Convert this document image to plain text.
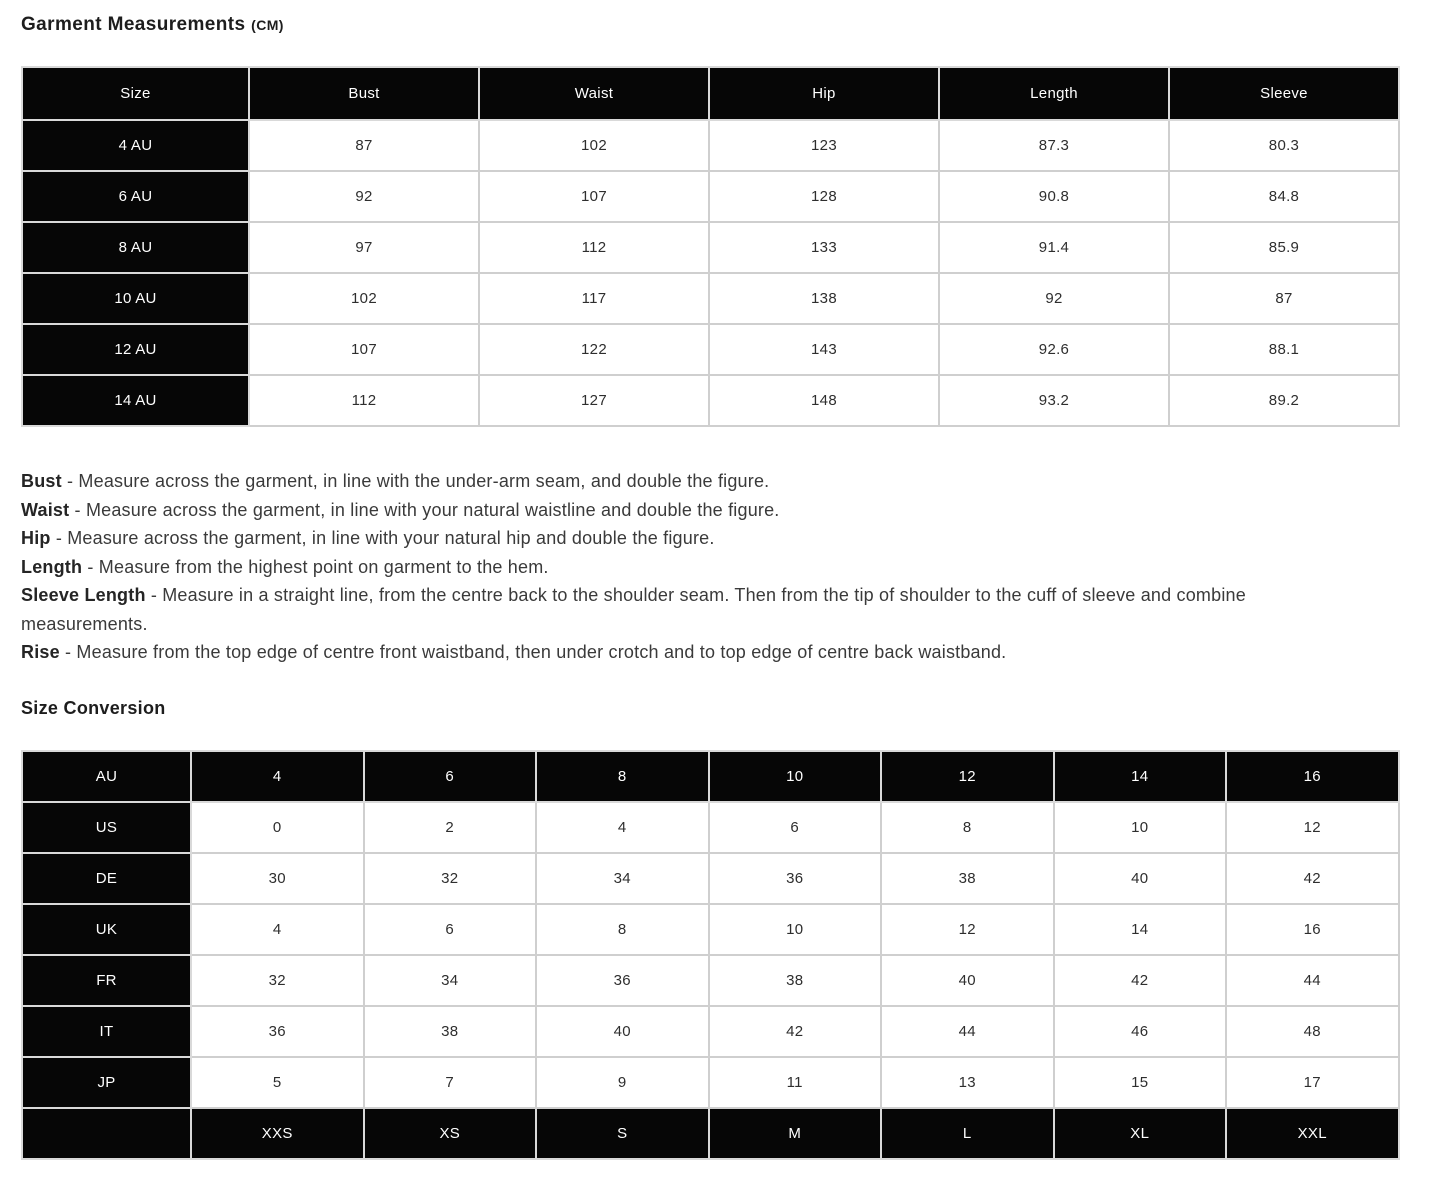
Garment Measurements (CM)
Size	Bust	Waist	Hip	Length	Sleeve
4 AU	87	102	123	87.3	80.3
6 AU	92	107	128	90.8	84.8
8 AU	97	112	133	91.4	85.9
10 AU	102	117	138	92	87
12 AU	107	122	143	92.6	88.1
14 AU	112	127	148	93.2	89.2

Bust - Measure across the garment, in line with the under-arm seam, and double the figure.

Waist - Measure across the garment, in line with your natural waistline and double the figure.

Hip - Measure across the garment, in line with your natural hip and double the figure.

Length - Measure from the highest point on garment to the hem.

Sleeve Length - Measure in a straight line, from the centre back to the shoulder seam. Then from the tip of shoulder to the cuff of sleeve and combine measurements.

Rise - Measure from the top edge of centre front waistband, then under crotch and to top edge of centre back waistband.

Size Conversion
AU	4	6	8	10	12	14	16
US	0	2	4	6	8	10	12
DE	30	32	34	36	38	40	42
UK	4	6	8	10	12	14	16
FR	32	34	36	38	40	42	44
IT	36	38	40	42	44	46	48
JP	5	7	9	11	13	15	17
	XXS	XS	S	M	L	XL	XXL
